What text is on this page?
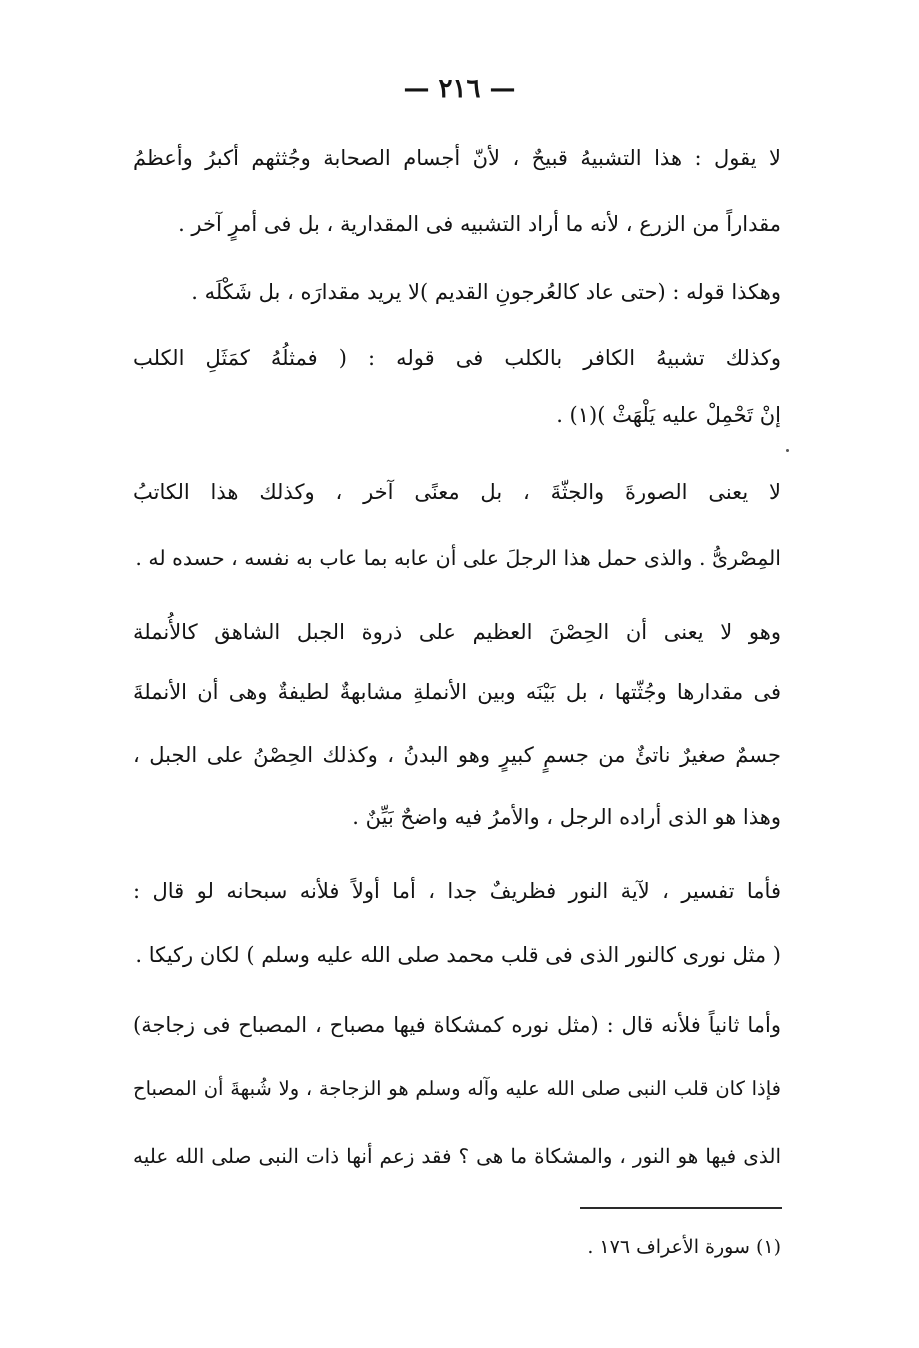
— ٢١٦ —
لا يقول : هذا التشبيهُ قبيحٌ ، لأنّ أجسام الصحابة وجُثثهم أكبرُ وأعظمُ
مقداراً من الزرع ، لأنه ما أراد التشبيه فى المقدارية ، بل فى أمرٍ آخر .
وهكذا قوله : (حتى عاد كالعُرجونِ القديم )لا يريد مقدارَه ، بل شَكْلَه .
وكذلك تشبيهُ الكافر بالكلب فى قوله : ( فمثلُهُ كمَثَلِ الكلب
إنْ تَحْمِلْ عليه يَلْهَثْ )(١) .
لا يعنى الصورةَ والجثّةَ ، بل معنًى آخر ، وكذلك هذا الكاتبُ
المِصْرىُّ . والذى حمل هذا الرجلَ على أن عابه بما عاب به نفسه ، حسده له .
وهو لا يعنى أن الحِصْنَ العظيم على ذروة الجبل الشاهق كالأُنملة
فى مقدارها وجُثّتها ، بل بَيْنَه وبين الأنملةِ مشابهةٌ لطيفةٌ وهى أن الأنملةَ
جسمٌ صغيرٌ ناتئٌ من جسمٍ كبيرٍ وهو البدنُ ، وكذلك الحِصْنُ على الجبل ،
وهذا هو الذى أراده الرجل ، والأمرُ فيه واضحٌ بَيِّنٌ .
فأما تفسير ، لآية النور فظريفٌ جدا ، أما أولاً فلأنه سبحانه لو قال :
( مثل نورى كالنور الذى فى قلب محمد صلى الله عليه وسلم ) لكان ركيكا .
وأما ثانياً فلأنه قال : (مثل نوره كمشكاة فيها مصباح ، المصباح فى زجاجة)
فإذا كان قلب النبى صلى الله عليه وآله وسلم هو الزجاجة ، ولا شُبهةَ أن المصباح
الذى فيها هو النور ، والمشكاة ما هى ؟ فقد زعم أنها ذات النبى صلى الله عليه
(١) سورة الأعراف ١٧٦ .
